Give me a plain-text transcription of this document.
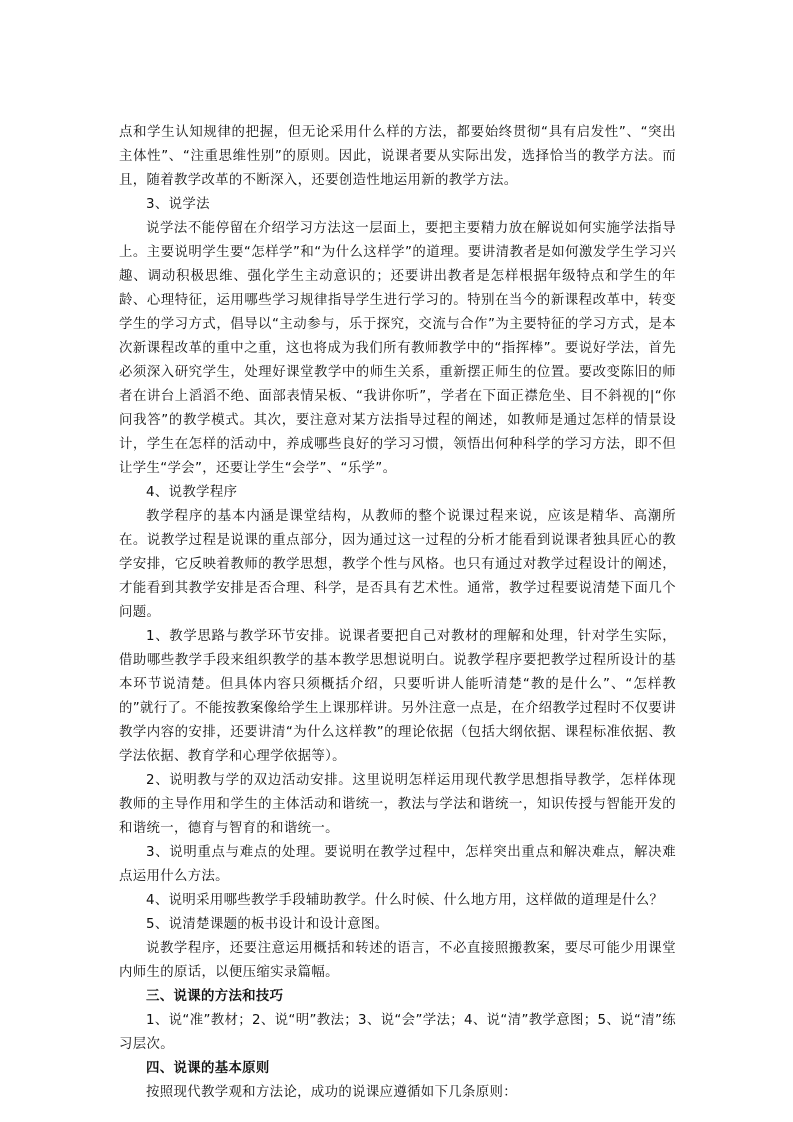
点和学生认知规律的把握，但无论采用什么样的方法，都要始终贯彻“具有启发性”、“突出主体性”、“注重思维性别”的原则。因此，说课者要从实际出发，选择恰当的教学方法。而且，随着教学改革的不断深入，还要创造性地运用新的教学方法。

3、说学法

说学法不能停留在介绍学习方法这一层面上，要把主要精力放在解说如何实施学法指导上。主要说明学生要“怎样学”和“为什么这样学”的道理。要讲清教者是如何激发学生学习兴趣、调动积极思维、强化学生主动意识的；还要讲出教者是怎样根据年级特点和学生的年龄、心理特征，运用哪些学习规律指导学生进行学习的。特别在当今的新课程改革中，转变学生的学习方式，倡导以“主动参与，乐于探究，交流与合作”为主要特征的学习方式，是本次新课程改革的重中之重，这也将成为我们所有教师教学中的“指挥棒”。要说好学法，首先必须深入研究学生，处理好课堂教学中的师生关系，重新摆正师生的位置。要改变陈旧的师者在讲台上滔滔不绝、面部表情呆板、“我讲你听”，学者在下面正襟危坐、目不斜视的|“你问我答”的教学模式。其次，要注意对某方法指导过程的阐述，如教师是通过怎样的情景设计，学生在怎样的活动中，养成哪些良好的学习习惯，领悟出何种科学的学习方法，即不但让学生“学会”，还要让学生“会学”、“乐学”。

4、说教学程序

教学程序的基本内涵是课堂结构，从教师的整个说课过程来说，应该是精华、高潮所在。说教学过程是说课的重点部分，因为通过这一过程的分析才能看到说课者独具匠心的教学安排，它反映着教师的教学思想，教学个性与风格。也只有通过对教学过程设计的阐述，才能看到其教学安排是否合理、科学，是否具有艺术性。通常，教学过程要说清楚下面几个问题。

1、教学思路与教学环节安排。说课者要把自己对教材的理解和处理，针对学生实际，借助哪些教学手段来组织教学的基本教学思想说明白。说教学程序要把教学过程所设计的基本环节说清楚。但具体内容只须概括介绍，只要听讲人能听清楚“教的是什么”、“怎样教的”就行了。不能按教案像给学生上课那样讲。另外注意一点是，在介绍教学过程时不仅要讲教学内容的安排，还要讲清“为什么这样教”的理论依据（包括大纲依据、课程标准依据、教学法依据、教育学和心理学依据等）。

2、说明教与学的双边活动安排。这里说明怎样运用现代教学思想指导教学，怎样体现教师的主导作用和学生的主体活动和谐统一，教法与学法和谐统一，知识传授与智能开发的和谐统一，德育与智育的和谐统一。

3、说明重点与难点的处理。要说明在教学过程中，怎样突出重点和解决难点，解决难点运用什么方法。

4、说明采用哪些教学手段辅助教学。什么时候、什么地方用，这样做的道理是什么？

5、说清楚课题的板书设计和设计意图。

说教学程序，还要注意运用概括和转述的语言，不必直接照搬教案，要尽可能少用课堂内师生的原话，以便压缩实录篇幅。

三、说课的方法和技巧

1、说“准”教材；2、说“明”教法；3、说“会”学法；4、说“清”教学意图；5、说“清”练习层次。

四、说课的基本原则

按照现代教学观和方法论，成功的说课应遵循如下几条原则：
